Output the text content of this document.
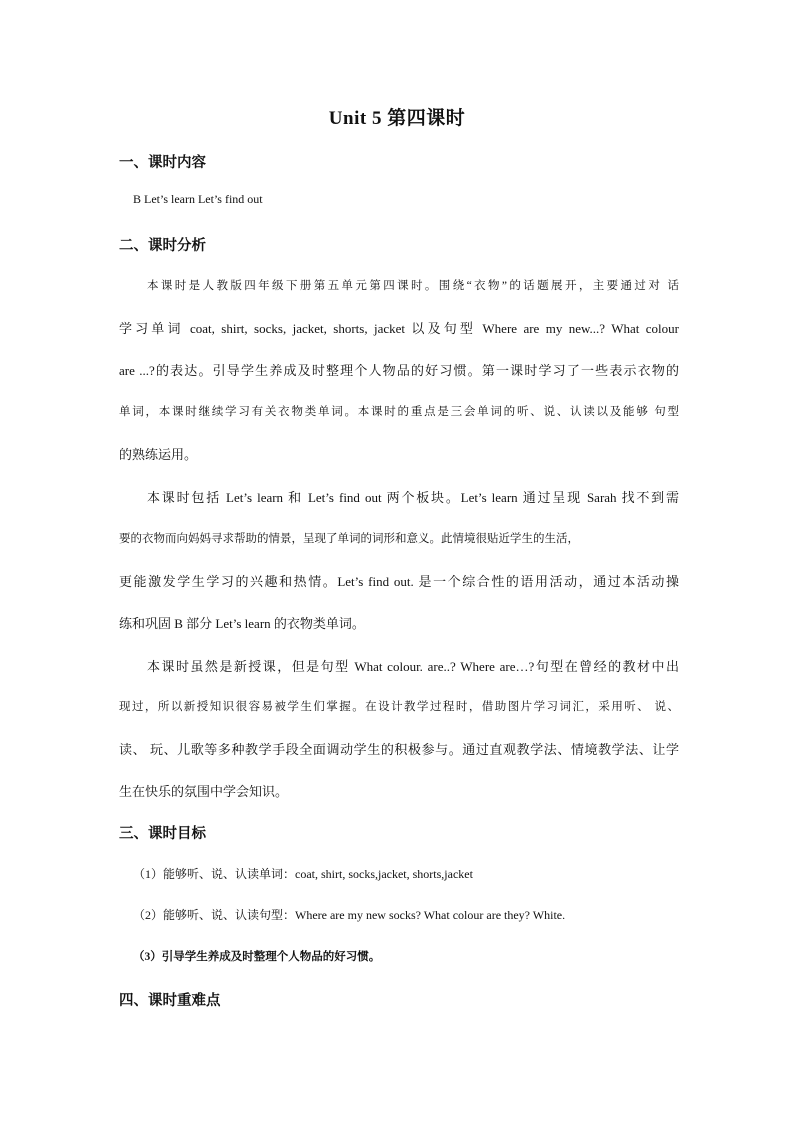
Unit 5 第四课时
一、课时内容
B Let’s learn Let’s find out
二、课时分析
本课时是人教版四年级下册第五单元第四课时。围绕“衣物”的话题展开，主要通过对 话
学习单词 coat, shirt, socks, jacket, shorts, jacket 以及句型 Where are my new...? What colour
are ...?的表达。引导学生养成及时整理个人物品的好习惯。第一课时学习了一些表示衣物的
单词，本课时继续学习有关衣物类单词。本课时的重点是三会单词的听、说、认读以及能够 句型
的熟练运用。
本课时包括 Let’s learn 和 Let’s find out 两个板块。Let’s learn 通过呈现 Sarah 找不到需
要的衣物而向妈妈寻求帮助的情景，呈现了单词的词形和意义。此情境很贴近学生的生活，
更能激发学生学习的兴趣和热情。Let’s find out. 是一个综合性的语用活动，通过本活动操
练和巩固 B 部分 Let’s learn 的衣物类单词。
本课时虽然是新授课，但是句型 What colour. are..? Where are…?句型在曾经的教材中出
现过，所以新授知识很容易被学生们掌握。在设计教学过程时，借助图片学习词汇，采用听、 说、
读、 玩、儿歌等多种教学手段全面调动学生的积极参与。通过直观教学法、情境教学法、让学
生在快乐的氛围中学会知识。
三、课时目标
（1）能够听、说、认读单词：coat, shirt, socks,jacket, shorts,jacket
（2）能够听、说、认读句型：Where are my new socks? What colour are they? White.
（3）引导学生养成及时整理个人物品的好习惯。
四、课时重难点
